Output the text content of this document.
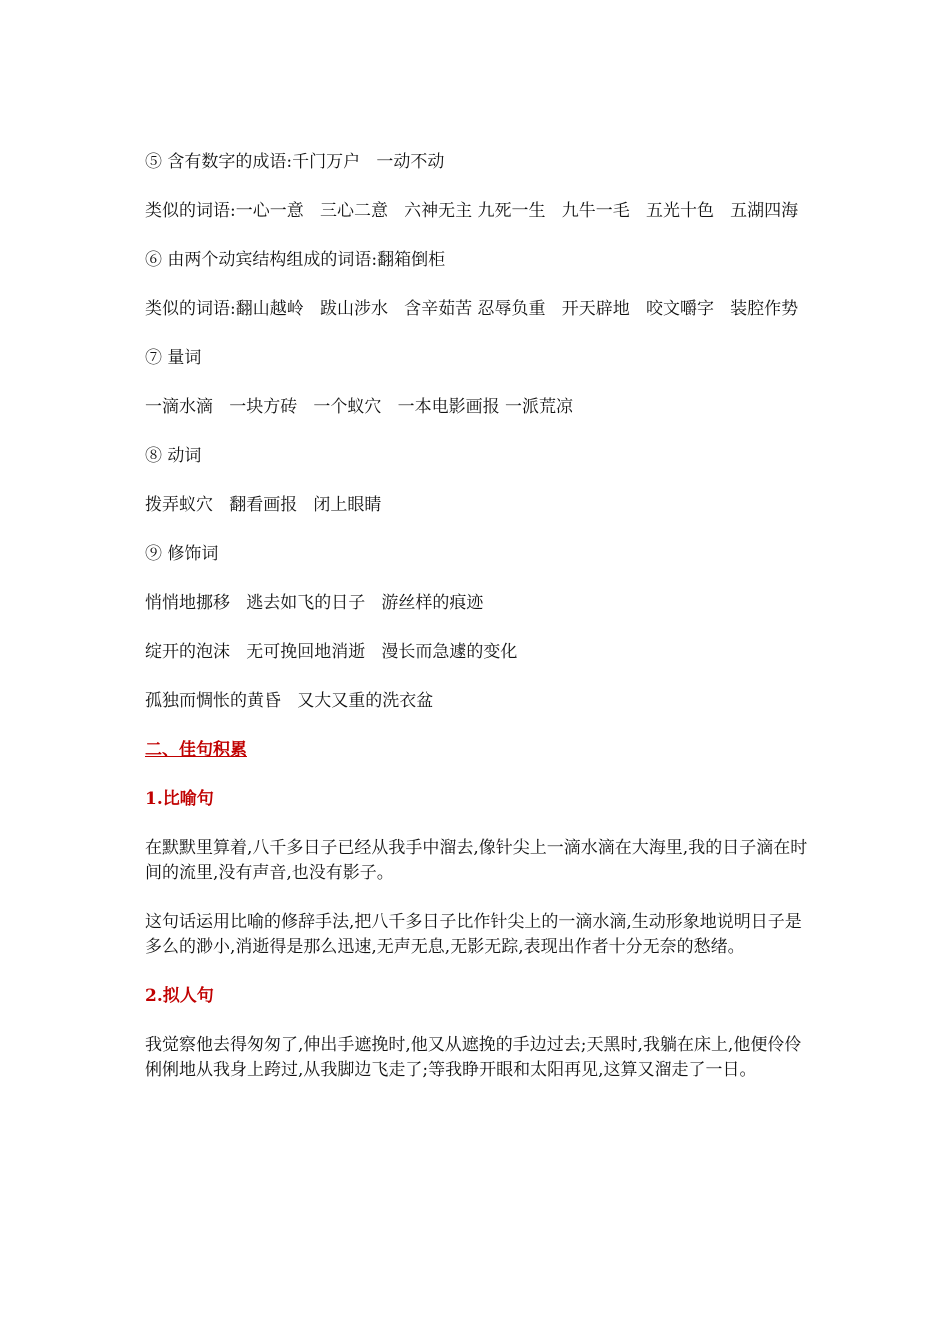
⑤ 含有数字的成语:千门万户   一动不动

类似的词语:一心一意   三心二意   六神无主 九死一生   九牛一毛   五光十色   五湖四海

⑥ 由两个动宾结构组成的词语:翻箱倒柜

类似的词语:翻山越岭   跋山涉水   含辛茹苦 忍辱负重   开天辟地   咬文嚼字   装腔作势

⑦ 量词

一滴水滴   一块方砖   一个蚁穴   一本电影画报 一派荒凉

⑧ 动词

拨弄蚁穴   翻看画报   闭上眼睛

⑨ 修饰词

悄悄地挪移   逃去如飞的日子   游丝样的痕迹

绽开的泡沫   无可挽回地消逝   漫长而急遽的变化

孤独而惆怅的黄昏   又大又重的洗衣盆

二、佳句积累

1.比喻句

在默默里算着,八千多日子已经从我手中溜去,像针尖上一滴水滴在大海里,我的日子滴在时间的流里,没有声音,也没有影子。

这句话运用比喻的修辞手法,把八千多日子比作针尖上的一滴水滴,生动形象地说明日子是多么的渺小,消逝得是那么迅速,无声无息,无影无踪,表现出作者十分无奈的愁绪。

2.拟人句

我觉察他去得匆匆了,伸出手遮挽时,他又从遮挽的手边过去;天黑时,我躺在床上,他便伶伶俐俐地从我身上跨过,从我脚边飞走了;等我睁开眼和太阳再见,这算又溜走了一日。
